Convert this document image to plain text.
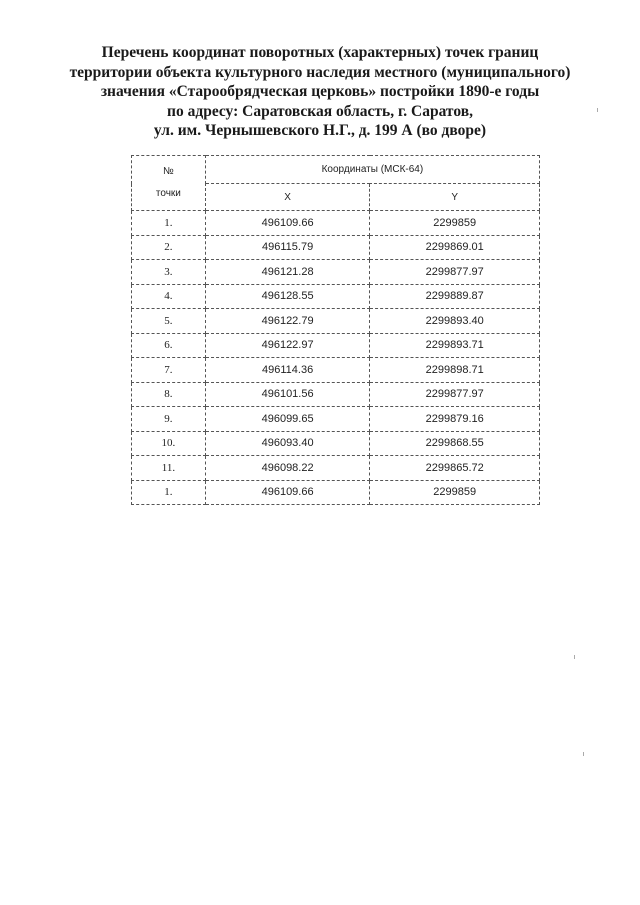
Перечень координат поворотных (характерных) точек границ
территории объекта культурного наследия местного (муниципального)
значения «Старообрядческая церковь» постройки 1890-е годы
по адресу: Саратовская область, г. Саратов,
ул. им. Чернышевского Н.Г., д. 199 А (во дворе)
№
точки	Координаты (МСК-64)	
	X	Y
1.	496109.66	2299859
2.	496115.79	2299869.01
3.	496121.28	2299877.97
4.	496128.55	2299889.87
5.	496122.79	2299893.40
6.	496122.97	2299893.71
7.	496114.36	2299898.71
8.	496101.56	2299877.97
9.	496099.65	2299879.16
10.	496093.40	2299868.55
11.	496098.22	2299865.72
1.	496109.66	2299859
